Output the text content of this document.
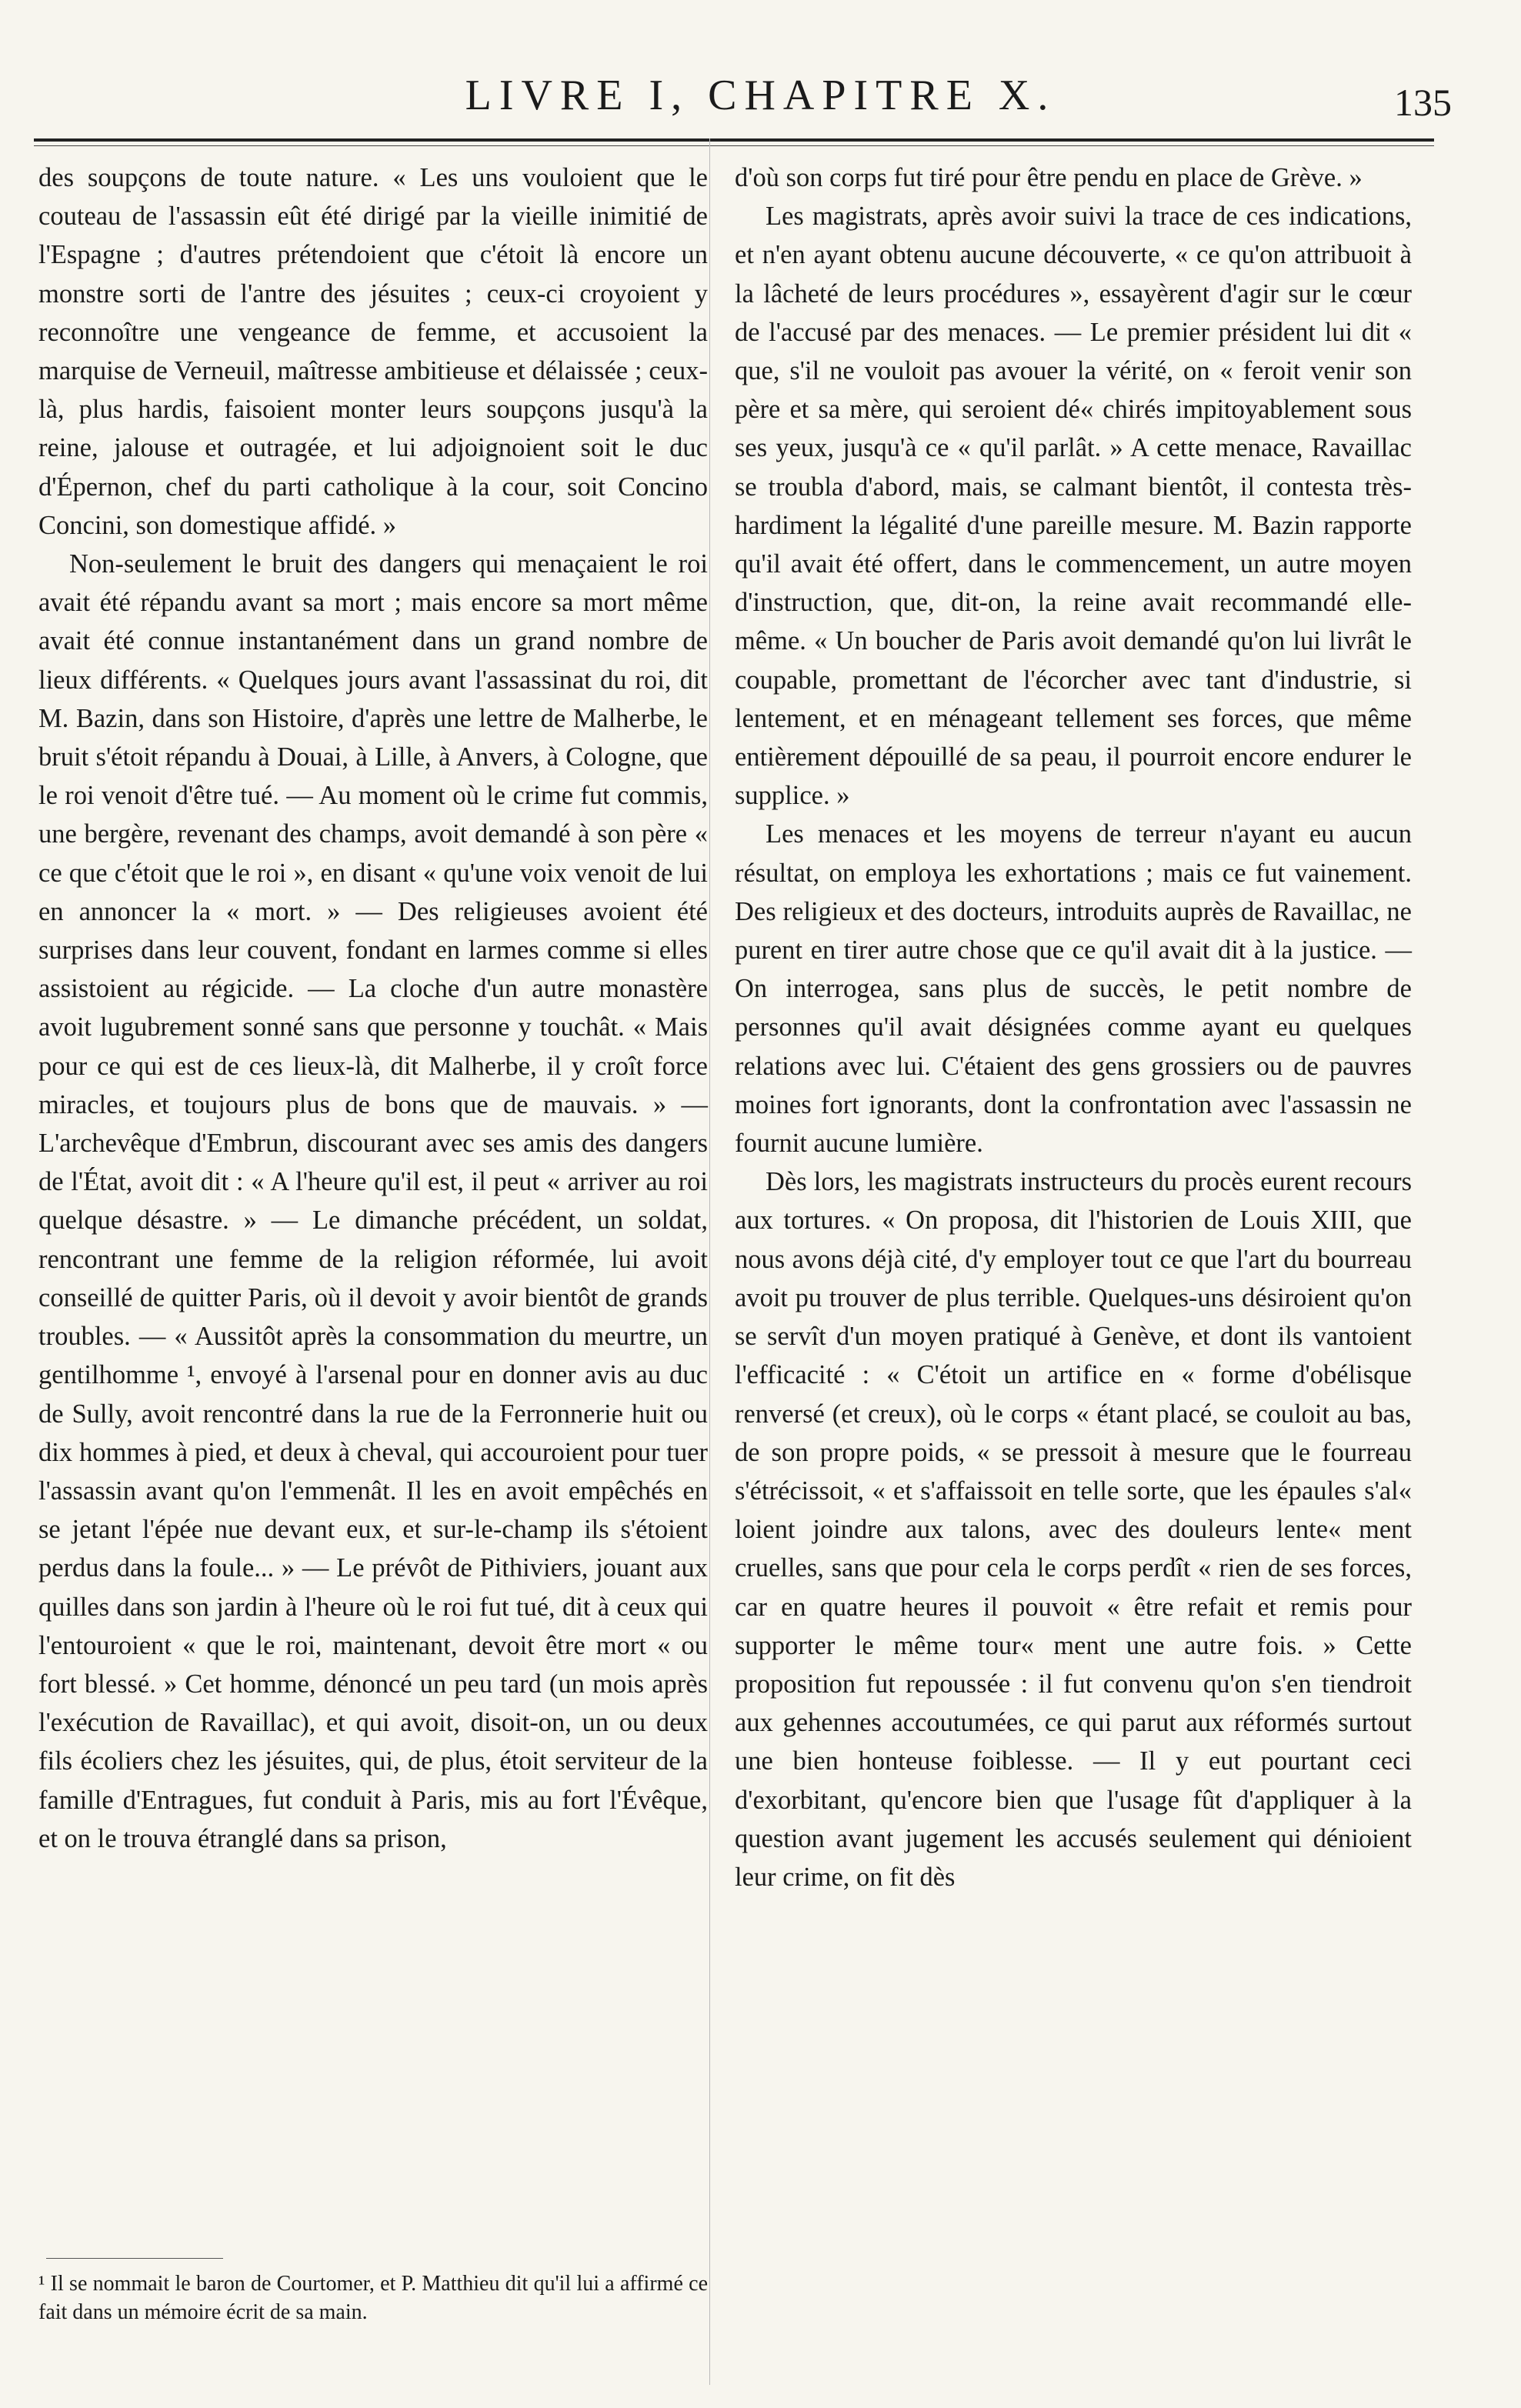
LIVRE I, CHAPITRE X.	135

des soupçons de toute nature. « Les uns vouloient que le couteau de l'assassin eût été dirigé par la vieille inimitié de l'Espagne ; d'autres prétendoient que c'étoit là encore un monstre sorti de l'antre des jésuites ; ceux-ci croyoient y reconnoître une vengeance de femme, et accusoient la marquise de Verneuil, maîtresse ambitieuse et délaissée ; ceux-là, plus hardis, faisoient monter leurs soupçons jusqu'à la reine, jalouse et outragée, et lui adjoignoient soit le duc d'Épernon, chef du parti catholique à la cour, soit Concino Concini, son domestique affidé. »

Non-seulement le bruit des dangers qui menaçaient le roi avait été répandu avant sa mort ; mais encore sa mort même avait été connue instantanément dans un grand nombre de lieux différents. « Quelques jours avant l'assassinat du roi, dit M. Bazin, dans son Histoire, d'après une lettre de Malherbe, le bruit s'étoit répandu à Douai, à Lille, à Anvers, à Cologne, que le roi venoit d'être tué. — Au moment où le crime fut commis, une bergère, revenant des champs, avoit demandé à son père « ce que c'étoit que le roi », en disant « qu'une voix venoit de lui en annoncer la « mort. » — Des religieuses avoient été surprises dans leur couvent, fondant en larmes comme si elles assistoient au régicide. — La cloche d'un autre monastère avoit lugubrement sonné sans que personne y touchât. « Mais pour ce qui est de ces lieux-là, dit Malherbe, il y croît force miracles, et toujours plus de bons que de mauvais. » — L'archevêque d'Embrun, discourant avec ses amis des dangers de l'État, avoit dit : « A l'heure qu'il est, il peut « arriver au roi quelque désastre. » — Le dimanche précédent, un soldat, rencontrant une femme de la religion réformée, lui avoit conseillé de quitter Paris, où il devoit y avoir bientôt de grands troubles. — « Aussitôt après la consommation du meurtre, un gentilhomme ¹, envoyé à l'arsenal pour en donner avis au duc de Sully, avoit rencontré dans la rue de la Ferronnerie huit ou dix hommes à pied, et deux à cheval, qui accouroient pour tuer l'assassin avant qu'on l'emmenât. Il les en avoit empêchés en se jetant l'épée nue devant eux, et sur-le-champ ils s'étoient perdus dans la foule... » — Le prévôt de Pithiviers, jouant aux quilles dans son jardin à l'heure où le roi fut tué, dit à ceux qui l'entouroient « que le roi, maintenant, devoit être mort « ou fort blessé. » Cet homme, dénoncé un peu tard (un mois après l'exécution de Ravaillac), et qui avoit, disoit-on, un ou deux fils écoliers chez les jésuites, qui, de plus, étoit serviteur de la famille d'Entragues, fut conduit à Paris, mis au fort l'Évêque, et on le trouva étranglé dans sa prison,

d'où son corps fut tiré pour être pendu en place de Grève. »

Les magistrats, après avoir suivi la trace de ces indications, et n'en ayant obtenu aucune découverte, « ce qu'on attribuoit à la lâcheté de leurs procédures », essayèrent d'agir sur le cœur de l'accusé par des menaces. — Le premier président lui dit « que, s'il ne vouloit pas avouer la vérité, on « feroit venir son père et sa mère, qui seroient dé« chirés impitoyablement sous ses yeux, jusqu'à ce « qu'il parlât. » A cette menace, Ravaillac se troubla d'abord, mais, se calmant bientôt, il contesta très-hardiment la légalité d'une pareille mesure. M. Bazin rapporte qu'il avait été offert, dans le commencement, un autre moyen d'instruction, que, dit-on, la reine avait recommandé elle-même. « Un boucher de Paris avoit demandé qu'on lui livrât le coupable, promettant de l'écorcher avec tant d'industrie, si lentement, et en ménageant tellement ses forces, que même entièrement dépouillé de sa peau, il pourroit encore endurer le supplice. »

Les menaces et les moyens de terreur n'ayant eu aucun résultat, on employa les exhortations ; mais ce fut vainement. Des religieux et des docteurs, introduits auprès de Ravaillac, ne purent en tirer autre chose que ce qu'il avait dit à la justice. — On interrogea, sans plus de succès, le petit nombre de personnes qu'il avait désignées comme ayant eu quelques relations avec lui. C'étaient des gens grossiers ou de pauvres moines fort ignorants, dont la confrontation avec l'assassin ne fournit aucune lumière.

Dès lors, les magistrats instructeurs du procès eurent recours aux tortures. « On proposa, dit l'historien de Louis XIII, que nous avons déjà cité, d'y employer tout ce que l'art du bourreau avoit pu trouver de plus terrible. Quelques-uns désiroient qu'on se servît d'un moyen pratiqué à Genève, et dont ils vantoient l'efficacité : « C'étoit un artifice en « forme d'obélisque renversé (et creux), où le corps « étant placé, se couloit au bas, de son propre poids, « se pressoit à mesure que le fourreau s'étrécissoit, « et s'affaissoit en telle sorte, que les épaules s'al« loient joindre aux talons, avec des douleurs lente« ment cruelles, sans que pour cela le corps perdît « rien de ses forces, car en quatre heures il pouvoit « être refait et remis pour supporter le même tour« ment une autre fois. » Cette proposition fut repoussée : il fut convenu qu'on s'en tiendroit aux gehennes accoutumées, ce qui parut aux réformés surtout une bien honteuse foiblesse. — Il y eut pourtant ceci d'exorbitant, qu'encore bien que l'usage fût d'appliquer à la question avant jugement les accusés seulement qui dénioient leur crime, on fit dès

¹ Il se nommait le baron de Courtomer, et P. Matthieu dit qu'il lui a affirmé ce fait dans un mémoire écrit de sa main.
